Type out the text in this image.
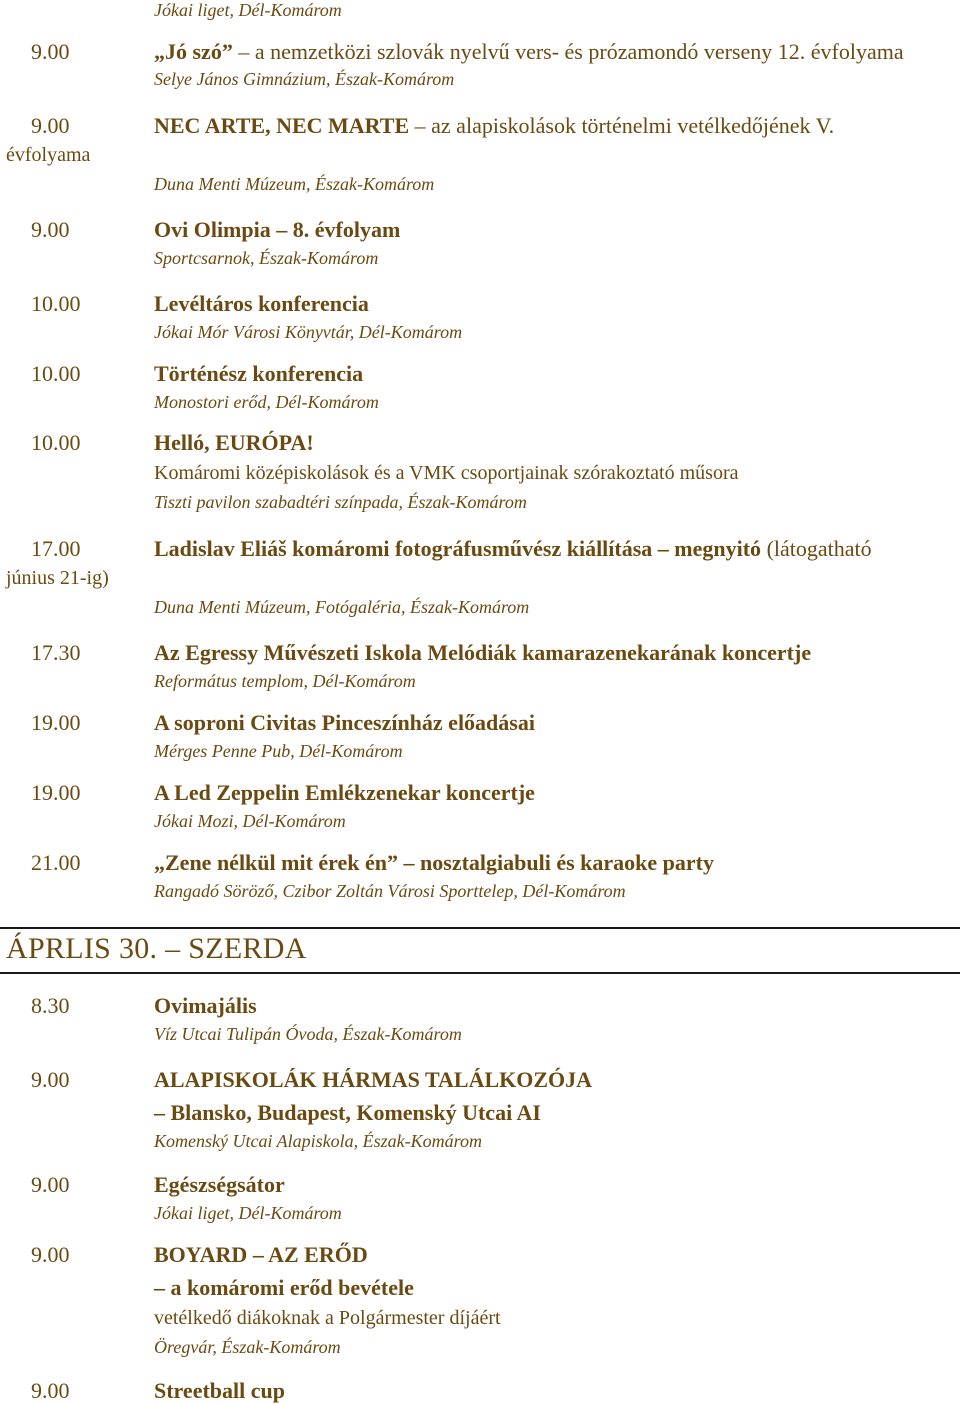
Jókai liget, Dél-Komárom
9.00	„Jó szó” – a nemzetközi szlovák nyelvű vers- és prózamondó verseny 12. évfolyama
Selye János Gimnázium, Észak-Komárom
9.00	NEC ARTE, NEC MARTE – az alapiskolások történelmi vetélkedőjének V.
évfolyama
Duna Menti Múzeum, Észak-Komárom
9.00	Ovi Olimpia – 8. évfolyam
Sportcsarnok, Észak-Komárom
10.00	Levéltáros konferencia
Jókai Mór Városi Könyvtár, Dél-Komárom
10.00	Történész konferencia
Monostori erőd, Dél-Komárom
10.00	Helló, EURÓPA!
Komáromi középiskolások és a VMK csoportjainak szórakoztató műsora
Tiszti pavilon szabadtéri színpada, Észak-Komárom
17.00	Ladislav Eliáš komáromi fotográfusművész kiállítása – megnyitó (látogatható
június 21-ig)
Duna Menti Múzeum, Fotógaléria, Észak-Komárom
17.30	Az Egressy Művészeti Iskola Melódiák kamarazenekarának koncertje
Református templom, Dél-Komárom
19.00	A soproni Civitas Pinceszínház előadásai
Mérges Penne Pub, Dél-Komárom
19.00	A Led Zeppelin Emlékzenekar koncertje
Jókai Mozi, Dél-Komárom
21.00	„Zene nélkül mit érek én” – nosztalgiabuli és karaoke party
Rangadó Söröző, Czibor Zoltán Városi Sporttelep, Dél-Komárom
ÁPRLIS 30. – SZERDA
8.30	Ovimajális
Víz Utcai Tulipán Óvoda, Észak-Komárom
9.00	ALAPISKOLÁK HÁRMAS TALÁLKOZÓJA
– Blansko, Budapest, Komenský Utcai AI
Komenský Utcai Alapiskola, Észak-Komárom
9.00	Egészségsátor
Jókai liget, Dél-Komárom
9.00	BOYARD – AZ ERŐD
– a komáromi erőd bevétele
vetélkedő diákoknak a Polgármester díjáért
Öregvár, Észak-Komárom
9.00	Streetball cup
